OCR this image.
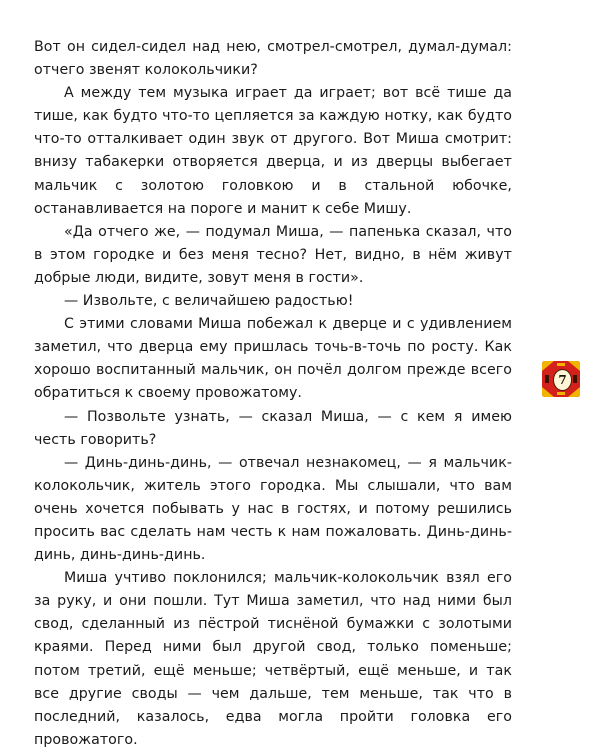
Вот он сидел-сидел над нею, смотрел-смотрел, думал-думал: отчего звенят колокольчики?

А между тем музыка играет да играет; вот всё тише да тише, как будто что-то цепляется за каждую нотку, как будто что-то отталкивает один звук от другого. Вот Миша смотрит: внизу табакерки отворяется дверца, и из дверцы выбегает мальчик с золотою головкою и в стальной юбочке, останавливается на пороге и манит к себе Мишу.

«Да отчего же, — подумал Миша, — папенька сказал, что в этом городке и без меня тесно? Нет, видно, в нём живут добрые люди, видите, зовут меня в гости».

— Извольте, с величайшею радостью!

С этими словами Миша побежал к дверце и с удивлением заметил, что дверца ему пришлась точь-в-точь по росту. Как хорошо воспитанный мальчик, он почёл долгом прежде всего обратиться к своему провожатому.

— Позвольте узнать, — сказал Миша, — с кем я имею честь говорить?

— Динь-динь-динь, — отвечал незнакомец, — я мальчик-колокольчик, житель этого городка. Мы слышали, что вам очень хочется побывать у нас в гостях, и потому решились просить вас сделать нам честь к нам пожаловать. Динь-динь-динь, динь-динь-динь.

Миша учтиво поклонился; мальчик-колокольчик взял его за руку, и они пошли. Тут Миша заметил, что над ними был свод, сделанный из пёстрой тиснёной бумажки с золотыми краями. Перед ними был другой свод, только поменьше; потом третий, ещё меньше; четвёртый, ещё меньше, и так все другие своды — чем дальше, тем меньше, так что в последний, казалось, едва могла пройти головка его провожатого.

7
